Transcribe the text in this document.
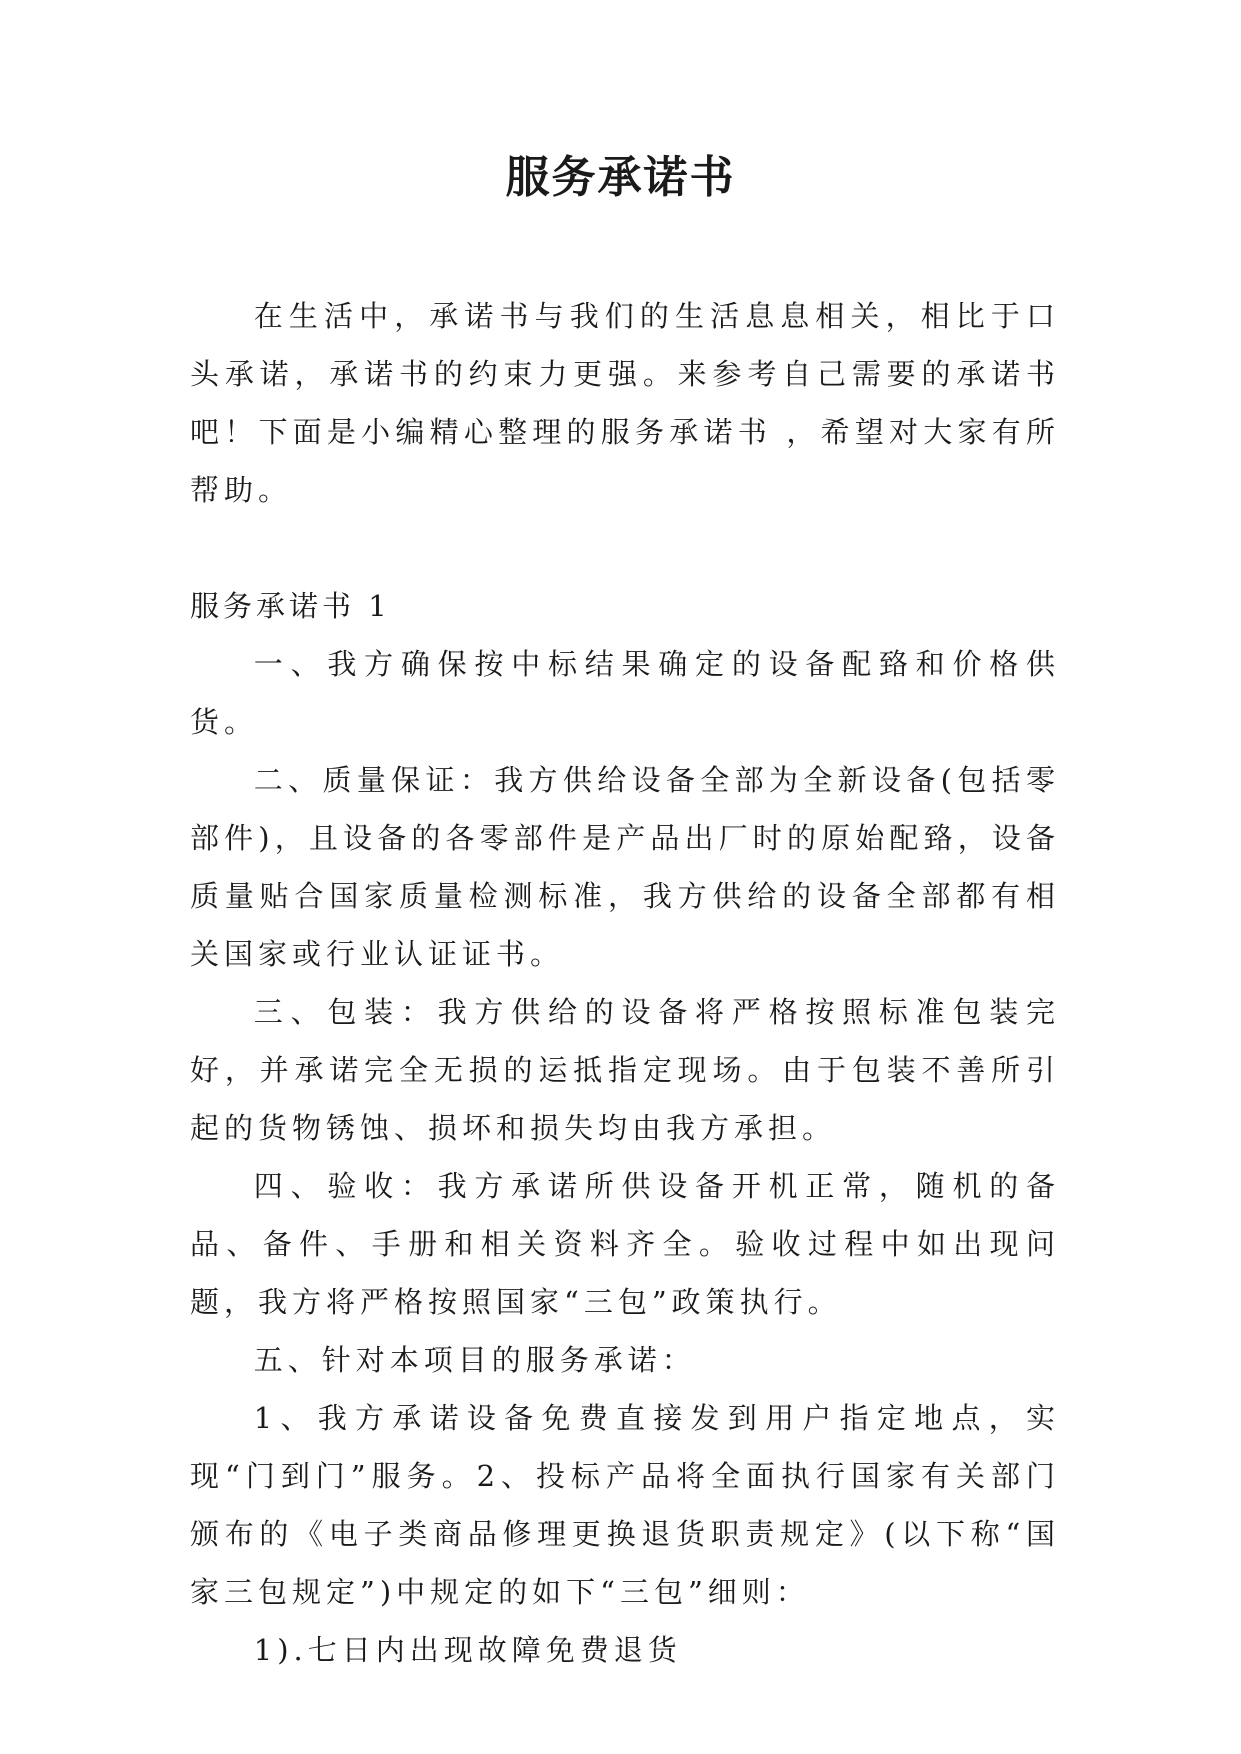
服务承诺书

在生活中，承诺书与我们的生活息息相关，相比于口头承诺，承诺书的约束力更强。来参考自己需要的承诺书吧！下面是小编精心整理的服务承诺书 ，希望对大家有所帮助。

服务承诺书 1

一、我方确保按中标结果确定的设备配臵和价格供货。

二、质量保证：我方供给设备全部为全新设备(包括零部件)，且设备的各零部件是产品出厂时的原始配臵，设备质量贴合国家质量检测标准，我方供给的设备全部都有相关国家或行业认证证书。

三、包装：我方供给的设备将严格按照标准包装完好，并承诺完全无损的运抵指定现场。由于包装不善所引起的货物锈蚀、损坏和损失均由我方承担。

四、验收：我方承诺所供设备开机正常，随机的备品、备件、手册和相关资料齐全。验收过程中如出现问题，我方将严格按照国家“三包”政策执行。

五、针对本项目的服务承诺：

1、我方承诺设备免费直接发到用户指定地点，实现“门到门”服务。2、投标产品将全面执行国家有关部门颁布的《电子类商品修理更换退货职责规定》(以下称“国家三包规定”)中规定的如下“三包”细则：

1).七日内出现故障免费退货
